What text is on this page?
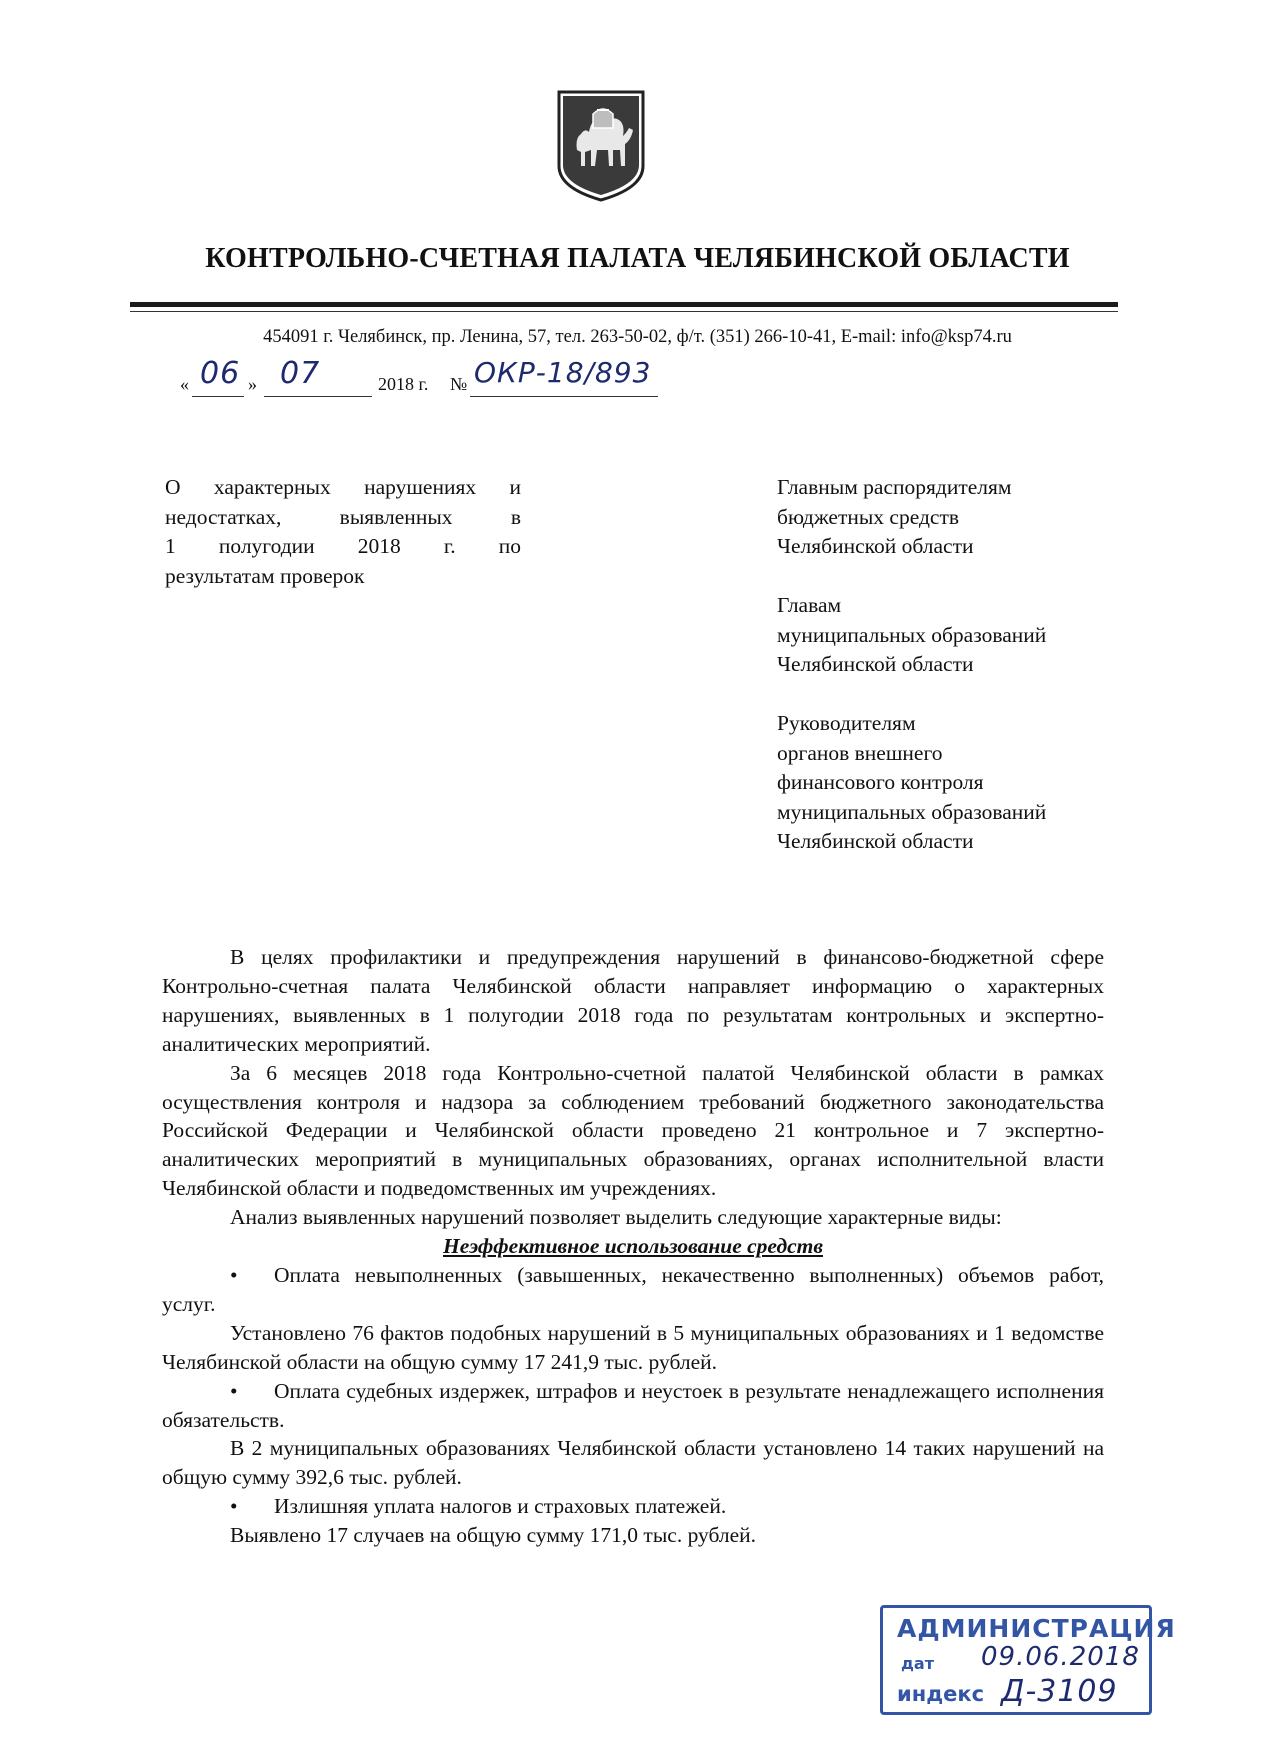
КОНТРОЛЬНО-СЧЕТНАЯ ПАЛАТА ЧЕЛЯБИНСКОЙ ОБЛАСТИ
454091 г. Челябинск, пр. Ленина, 57, тел. 263-50-02, ф/т. (351) 266-10-41, E-mail: info@ksp74.ru
« 06 » 07	2018 г. № ОКР-18/893
О характерных нарушениях и
недостатках, выявленных в
1 полугодии 2018 г. по
результатам проверок
Главным распорядителям
бюджетных средств
Челябинской области
Главам
муниципальных образований
Челябинской области
Руководителям
органов внешнего
финансового контроля
муниципальных образований
Челябинской области

В целях профилактики и предупреждения нарушений в финансово-бюджетной сфере Контрольно-счетная палата Челябинской области направляет информацию о характерных нарушениях, выявленных в 1 полугодии 2018 года по результатам контрольных и экспертно-аналитических мероприятий.

За 6 месяцев 2018 года Контрольно-счетной палатой Челябинской области в рамках осуществления контроля и надзора за соблюдением требований бюджетного законодательства Российской Федерации и Челябинской области проведено 21 контрольное и 7 экспертно-аналитических мероприятий в муниципальных образованиях, органах исполнительной власти Челябинской области и подведомственных им учреждениях.

Анализ выявленных нарушений позволяет выделить следующие характерные виды:

Неэффективное использование средств

• Оплата невыполненных (завышенных, некачественно выполненных) объемов работ, услуг.

Установлено 76 фактов подобных нарушений в 5 муниципальных образованиях и 1 ведомстве Челябинской области на общую сумму 17 241,9 тыс. рублей.

• Оплата судебных издержек, штрафов и неустоек в результате ненадлежащего исполнения обязательств.

В 2 муниципальных образованиях Челябинской области установлено 14 таких нарушений на общую сумму 392,6 тыс. рублей.

• Излишняя уплата налогов и страховых платежей.

Выявлено 17 случаев на общую сумму 171,0 тыс. рублей.

АДМИНИСТРАЦИЯ
дат 09.06.2018
индекс Д-3109
